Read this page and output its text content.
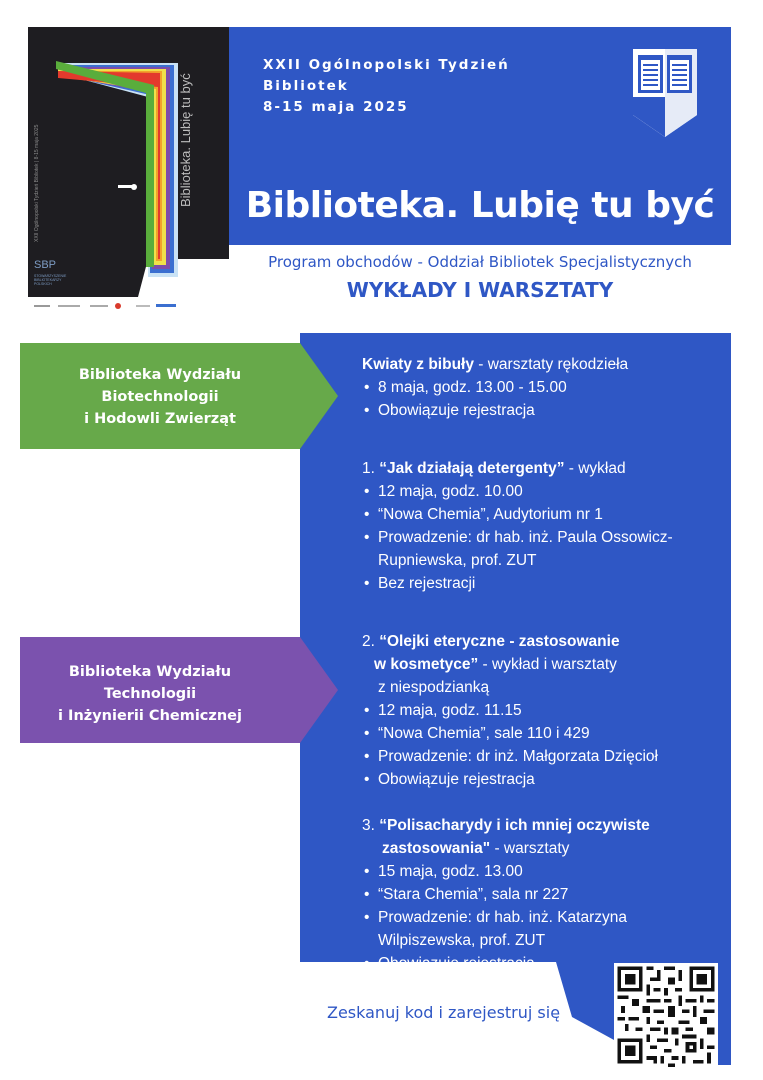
Biblioteka. Lubię tu być
XXII Ogólnopolski Tydzień Bibliotek | 8-15 maja 2025
SBP
STOWARZYSZENIE BIBLIOTEKARZY POLSKICH
XXII Ogólnopolski Tydzień
Bibliotek
8-15 maja 2025
Biblioteka. Lubię tu być
Program obchodów - Oddział Bibliotek Specjalistycznych
WYKŁADY I WARSZTATY
Biblioteka Wydziału
Biotechnologii
i Hodowli Zwierząt
Biblioteka Wydziału
Technologii
i Inżynierii Chemicznej
Kwiaty z bibuły - warsztaty rękodzieła
• 8 maja, godz. 13.00 - 15.00
• Obowiązuje rejestracja
1. “Jak działają detergenty” - wykład
• 12 maja, godz. 10.00
• “Nowa Chemia”, Audytorium nr 1
• Prowadzenie: dr hab. inż. Paula Ossowicz-
Rupniewska, prof. ZUT
• Bez rejestracji
2. “Olejki eteryczne - zastosowanie
w kosmetyce” - wykład i warsztaty
z niespodzianką
• 12 maja, godz. 11.15
• “Nowa Chemia”, sale 110 i 429
• Prowadzenie: dr inż. Małgorzata Dzięcioł
• Obowiązuje rejestracja
3. “Polisacharydy i ich mniej oczywiste
zastosowania" - warsztaty
• 15 maja, godz. 13.00
• “Stara Chemia”, sala nr 227
• Prowadzenie: dr hab. inż. Katarzyna
Wilpiszewska, prof. ZUT
• Obowiązuje rejestracja
Zeskanuj kod i zarejestruj się
